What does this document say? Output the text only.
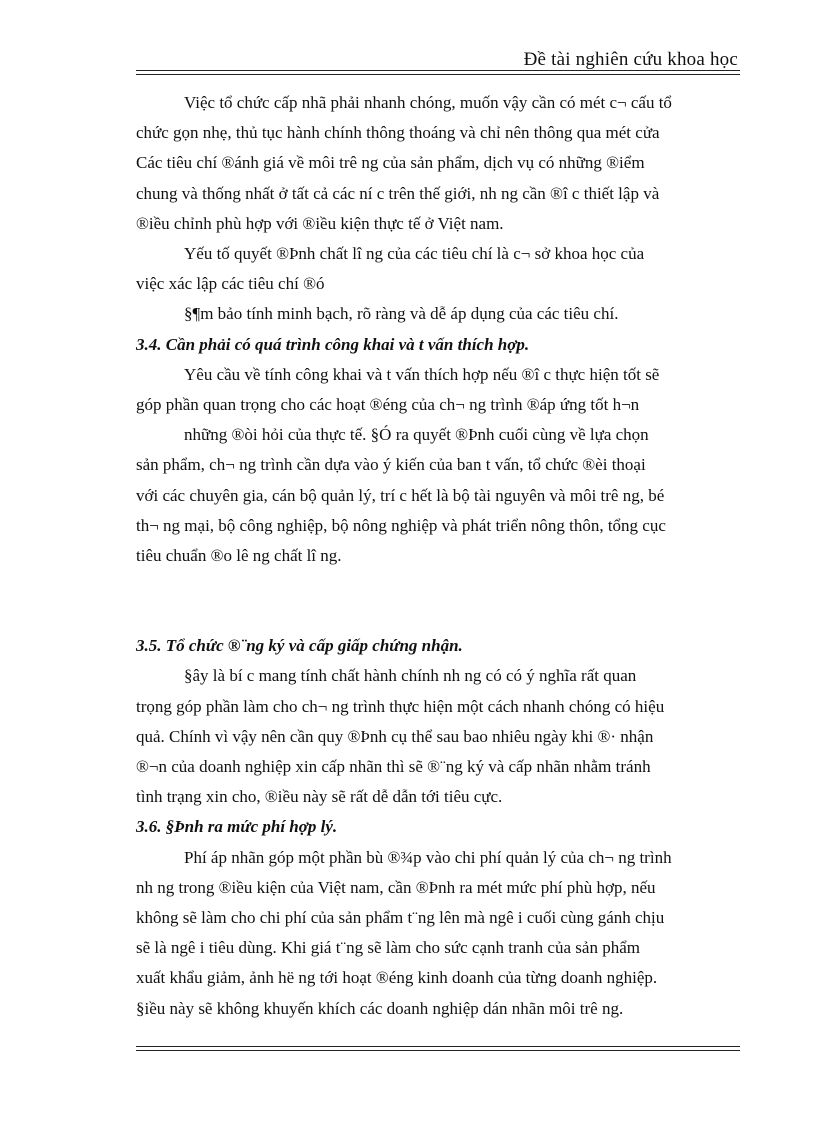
Đề tài nghiên cứu khoa học

Việc tổ chức cấp nhã phải nhanh chóng, muốn vậy cần có mét c¬ cấu tổ
chức gọn nhẹ, thủ tục hành chính thông thoáng và chỉ nên thông qua mét cửa
Các tiêu chí ®ánh giá về môi trê ng của sản phẩm, dịch vụ có những ®iểm
chung và thống nhất ở tất cả các ní c trên thế giới, nh ng cần ®î c thiết lập và
®iều chỉnh phù hợp với ®iều kiện thực tế ở Việt nam.

Yếu tố quyết ®Þnh chất lî ng của các tiêu chí là c¬ sở khoa học của
việc xác lập các tiêu chí ®ó

§¶m bảo tính minh bạch, rõ ràng và dễ áp dụng của các tiêu chí.

3.4. Cần phải có quá trình công khai và t vấn thích hợp.

Yêu cầu về tính công khai và t vấn thích hợp nếu ®î c thực hiện tốt sẽ
góp phần quan trọng cho các hoạt ®éng của ch¬ ng trình ®áp ứng tốt h¬n

những ®òi hỏi của thực tế. §Ó ra quyết ®Þnh cuối cùng về lựa chọn
sản phẩm, ch¬ ng trình cần dựa vào ý kiến của ban t vấn, tổ chức ®èi thoại
với các chuyên gia, cán bộ quản lý, trí c hết là bộ tài nguyên và môi trê ng, bé
th¬ ng mại, bộ công nghiệp, bộ nông nghiệp và phát triển nông thôn, tổng cục
tiêu chuẩn ®o lê ng chất lî ng.

3.5. Tổ chức ®¨ng ký và cấp giấp chứng nhận.

§ây là bí c mang tính chất hành chính nh ng có có ý nghĩa rất quan
trọng góp phần làm cho ch¬ ng trình thực hiện một cách nhanh chóng có hiệu
quả. Chính vì vậy nên cần quy ®Þnh cụ thể sau bao nhiêu ngày khi ®· nhận
®¬n của doanh nghiệp xin cấp nhãn thì sẽ ®¨ng ký và cấp nhãn nhằm tránh
tình trạng xin cho, ®iều này sẽ rất dễ dẫn tới tiêu cực.

3.6. §Þnh ra mức phí hợp lý.

Phí áp nhãn góp một phần bù ®¾p vào chi phí quản lý của ch¬ ng trình
nh ng trong ®iều kiện của Việt nam, cần ®Þnh ra mét mức phí phù hợp, nếu
không sẽ làm cho chi phí của sản phẩm t¨ng lên mà ngê i cuối cùng gánh chịu
sẽ là ngê i tiêu dùng. Khi giá t¨ng sẽ làm cho sức cạnh tranh của sản phẩm
xuất khẩu giảm, ảnh hë ng tới hoạt ®éng kinh doanh của từng doanh nghiệp.
§iều này sẽ không khuyến khích các doanh nghiệp dán nhãn môi trê ng.
